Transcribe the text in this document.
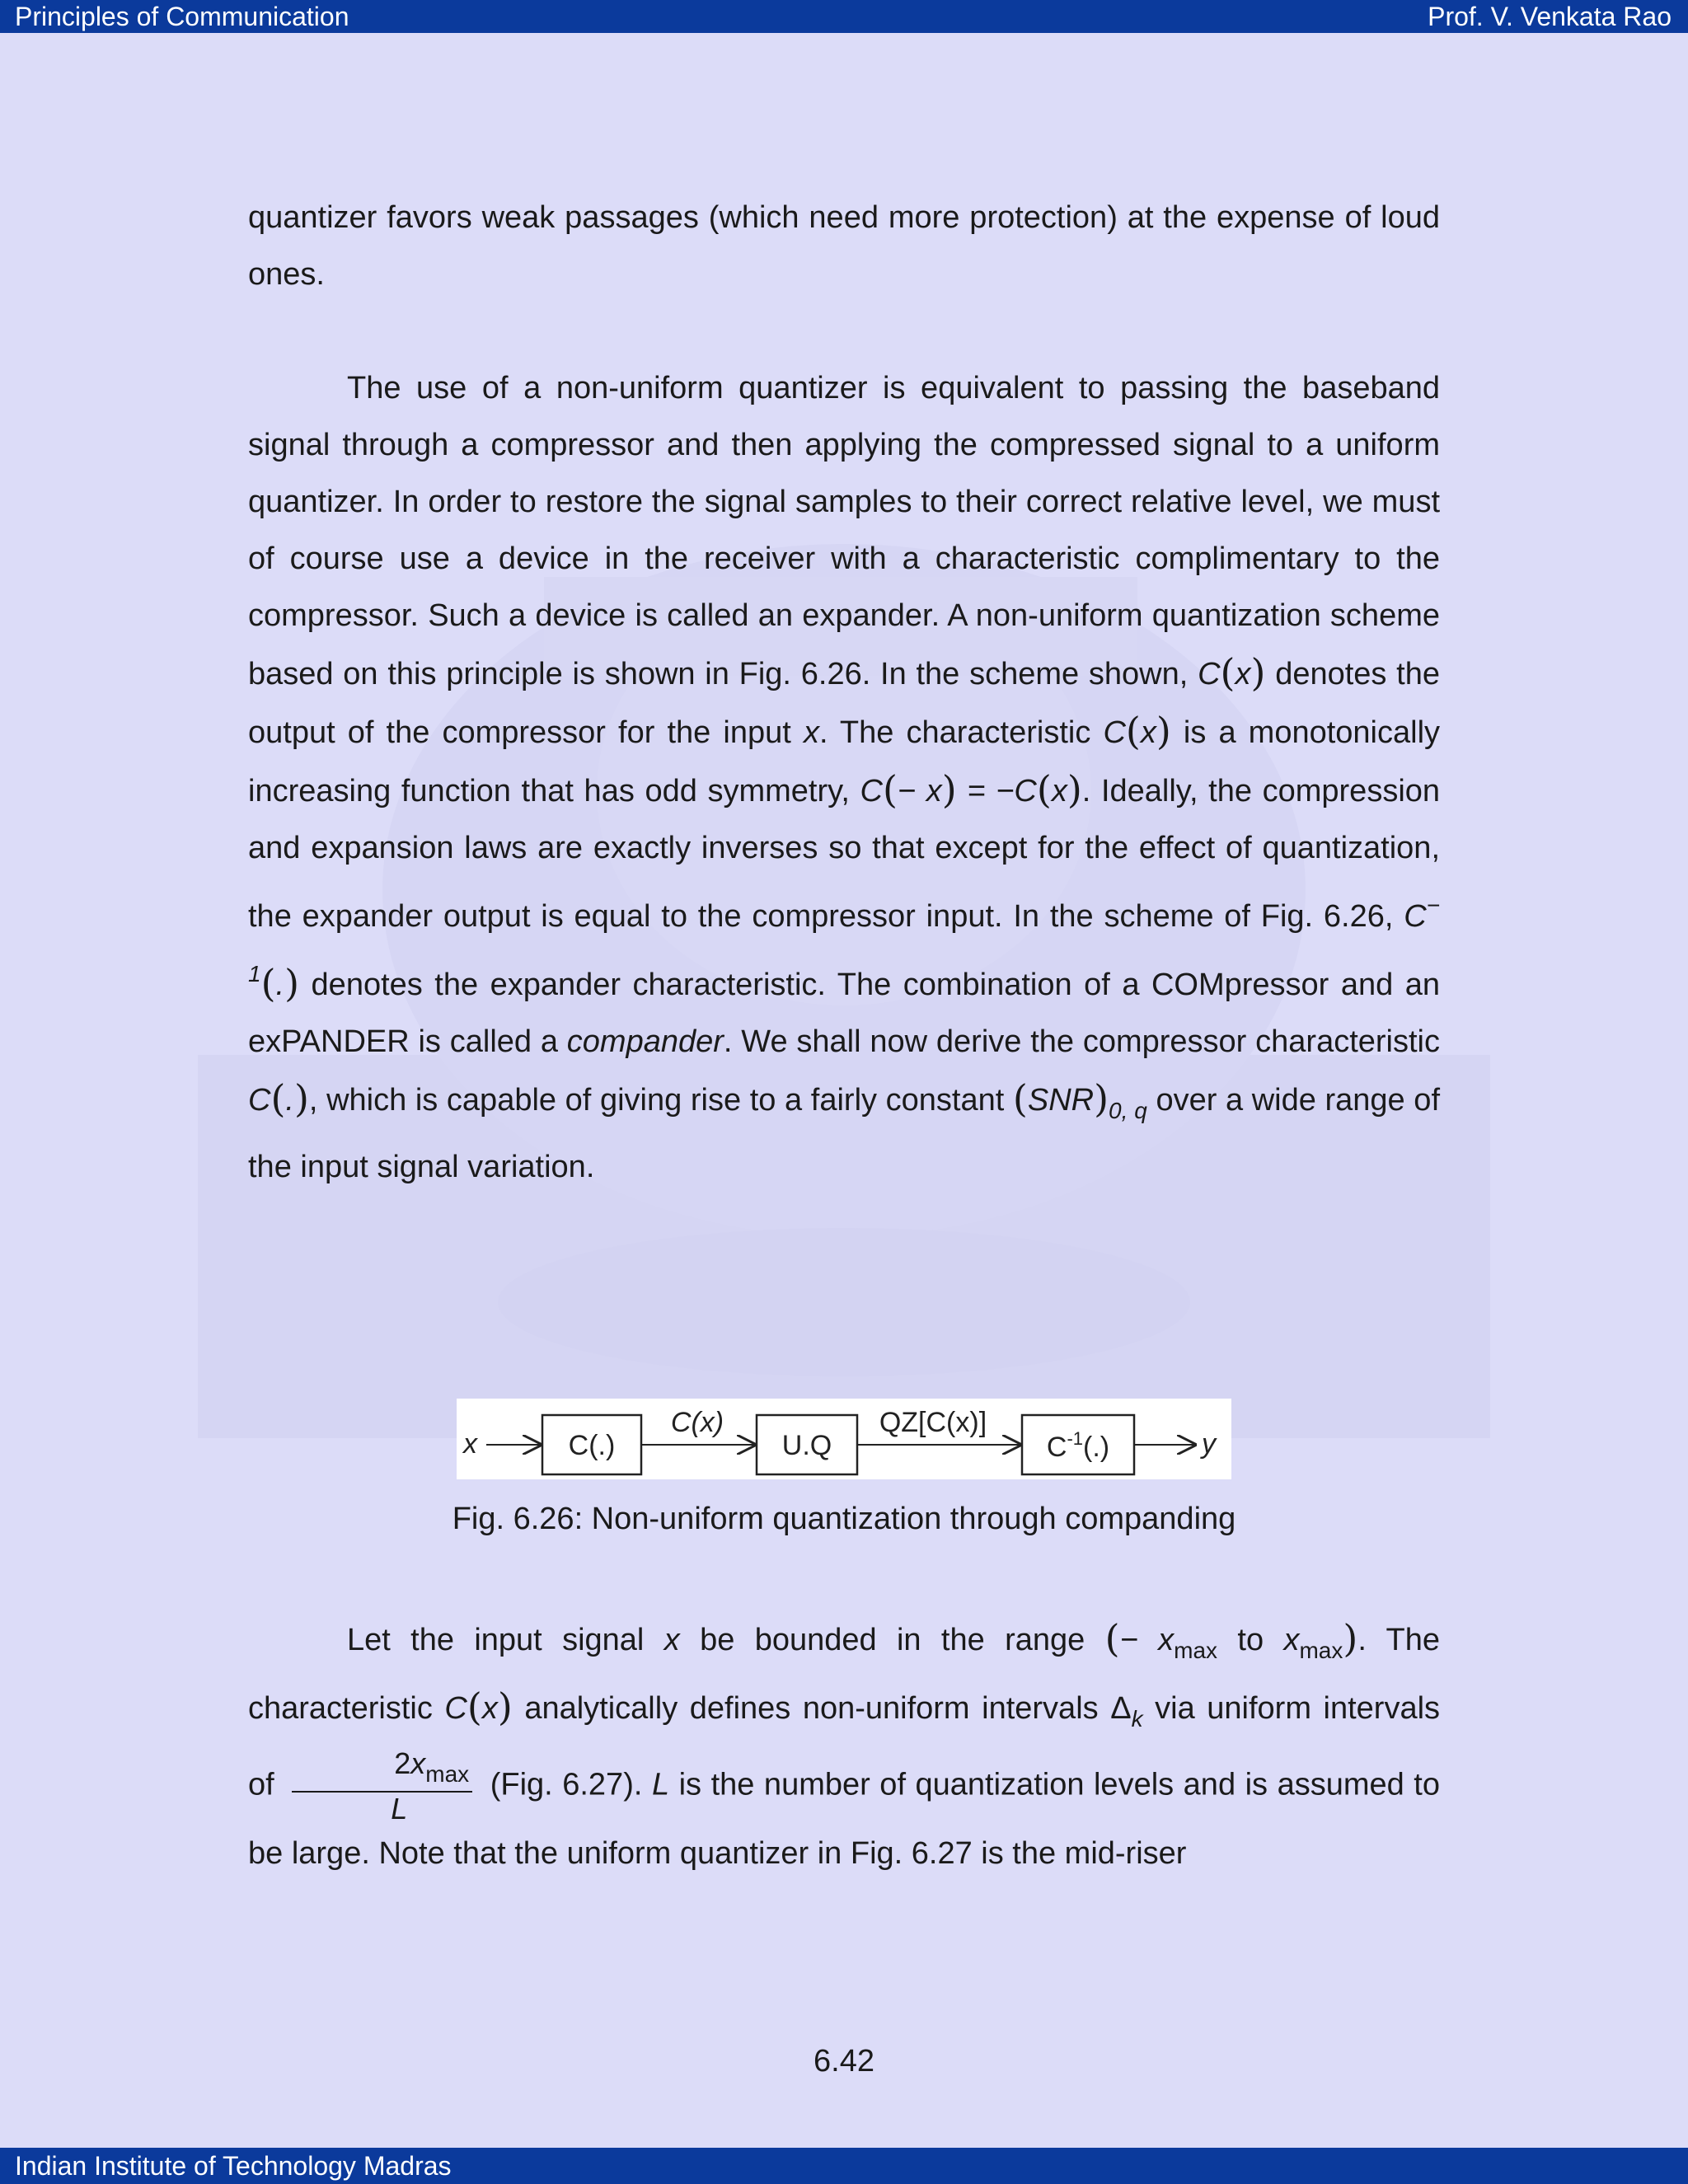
Principles of Communication	Prof. V. Venkata Rao

quantizer favors weak passages (which need more protection) at the expense of loud ones.

The use of a non-uniform quantizer is equivalent to passing the baseband signal through a compressor and then applying the compressed signal to a uniform quantizer. In order to restore the signal samples to their correct relative level, we must of course use a device in the receiver with a characteristic complimentary to the compressor. Such a device is called an expander. A non-uniform quantization scheme based on this principle is shown in Fig. 6.26. In the scheme shown, C(x) denotes the output of the compressor for the input x. The characteristic C(x) is a monotonically increasing function that has odd symmetry, C(− x) = −C(x). Ideally, the compression and expansion laws are exactly inverses so that except for the effect of quantization, the expander output is equal to the compressor input. In the scheme of Fig. 6.26, $C^{- 1}(.)$ denotes the expander characteristic. The combination of a COMpressor and an exPANDER is called a compander. We shall now derive the compressor characteristic C(.), which is capable of giving rise to a fairly constant $(SNR)_{0, q}$ over a wide range of the input signal variation.

x	C(.)
C(x)
U.Q
QZ[C(x)]
$C^{-1}(.)$	y
Fig. 6.26: Non-uniform quantization through companding

Let the input signal x be bounded in the range (− $x_{max}$ to $x_{max}$). The characteristic C(x) analytically defines non-uniform intervals $\Delta_k$ via uniform intervals of $\frac{2x_{max}}{L} (Fig$. 6.27). L is the number of quantization levels and is assumed to be large. Note that the uniform quantizer in Fig. 6.27 is the mid-riser

6.42
Indian Institute of Technology Madras
